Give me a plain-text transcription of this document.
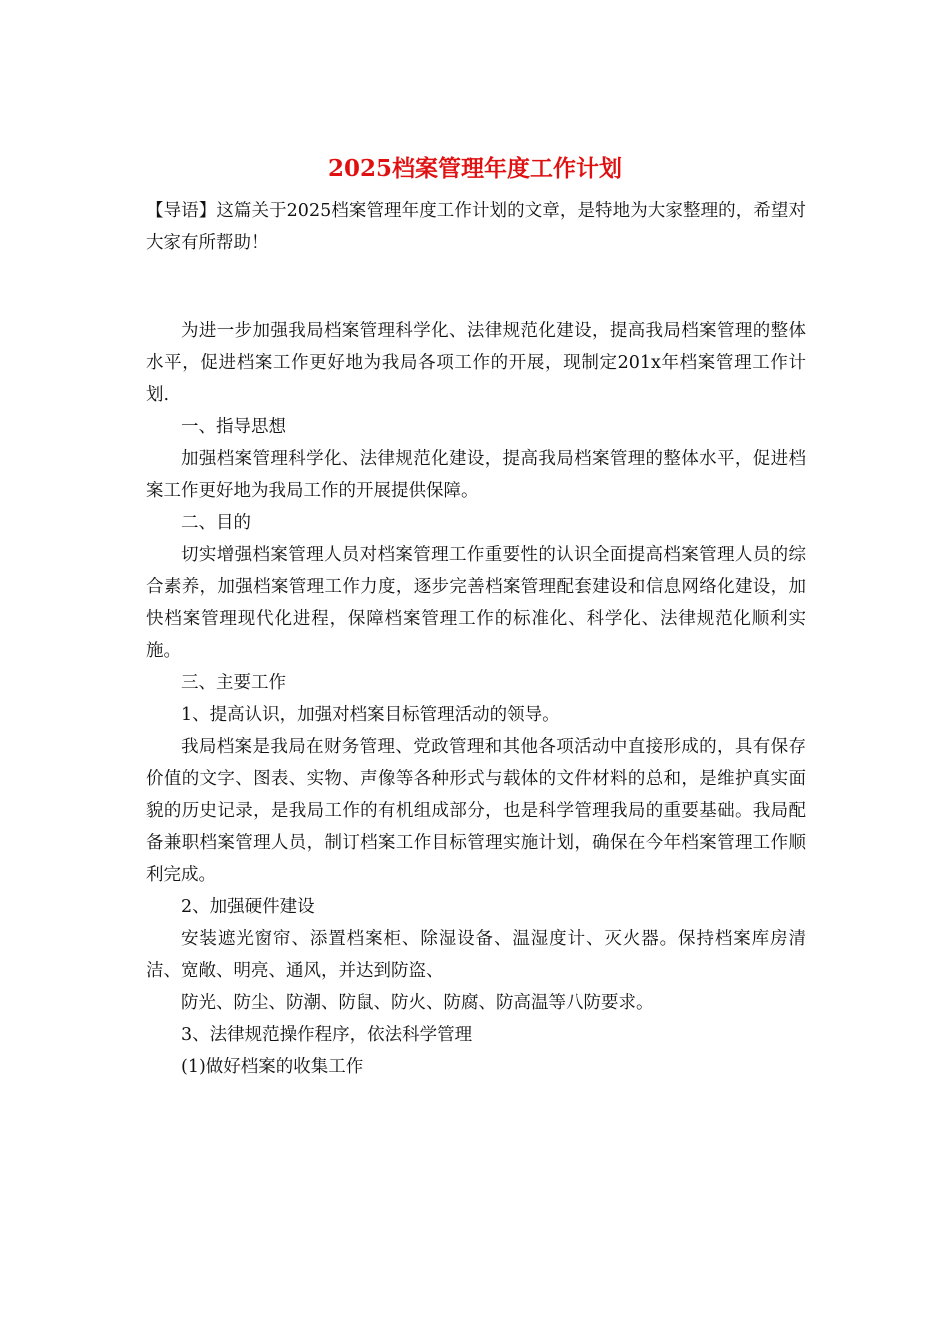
2025档案管理年度工作计划

【导语】这篇关于2025档案管理年度工作计划的文章，是特地为大家整理的，希望对大家有所帮助！

为进一步加强我局档案管理科学化、法律规范化建设，提高我局档案管理的整体水平，促进档案工作更好地为我局各项工作的开展，现制定201x年档案管理工作计划.

一、指导思想

加强档案管理科学化、法律规范化建设，提高我局档案管理的整体水平，促进档案工作更好地为我局工作的开展提供保障。

二、目的

切实增强档案管理人员对档案管理工作重要性的认识全面提高档案管理人员的综合素养，加强档案管理工作力度，逐步完善档案管理配套建设和信息网络化建设，加快档案管理现代化进程，保障档案管理工作的标准化、科学化、法律规范化顺利实施。

三、主要工作

1、提高认识，加强对档案目标管理活动的领导。

我局档案是我局在财务管理、党政管理和其他各项活动中直接形成的，具有保存价值的文字、图表、实物、声像等各种形式与载体的文件材料的总和，是维护真实面貌的历史记录，是我局工作的有机组成部分，也是科学管理我局的重要基础。我局配备兼职档案管理人员，制订档案工作目标管理实施计划，确保在今年档案管理工作顺利完成。

2、加强硬件建设

安装遮光窗帘、添置档案柜、除湿设备、温湿度计、灭火器。保持档案库房清洁、宽敞、明亮、通风，并达到防盗、

防光、防尘、防潮、防鼠、防火、防腐、防高温等八防要求。

3、法律规范操作程序，依法科学管理

(1)做好档案的收集工作
